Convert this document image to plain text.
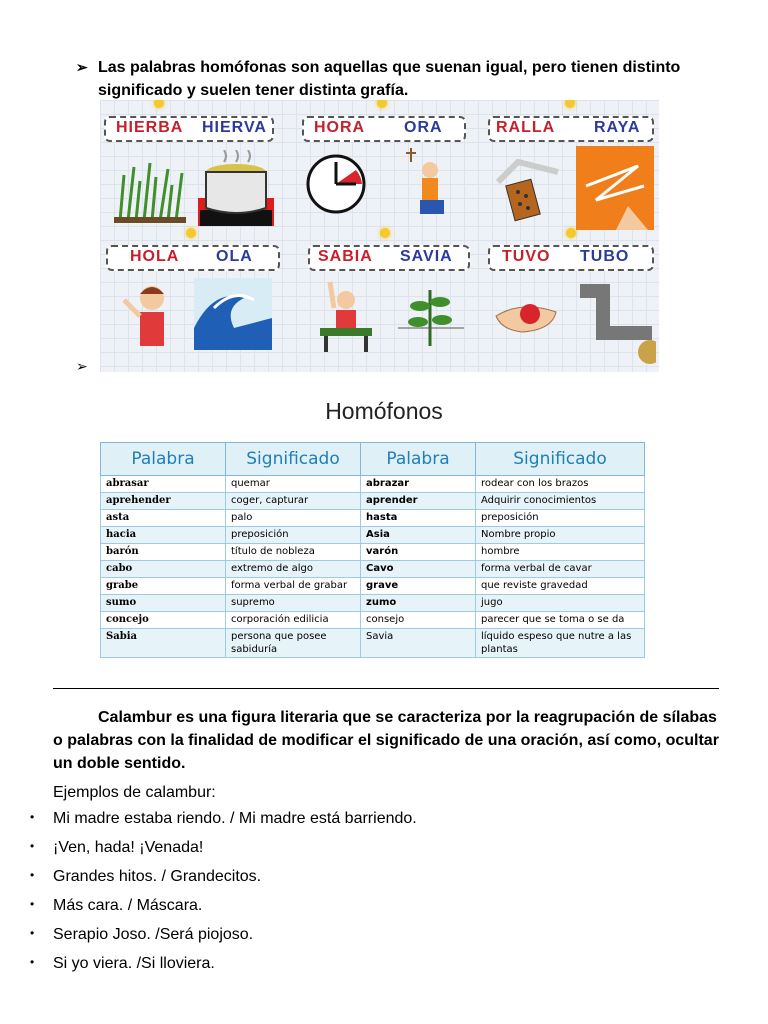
➢ Las palabras homófonas son aquellas que suenan igual, pero tienen distinto significado y suelen tener distinta grafía.
HIERBA HIERVA	HORA ORA	RALLA RAYA
HOLA OLA	SABIA SAVIA	TUVO TUBO
➢
Homófonos
Palabra	Significado	Palabra	Significado
abrasar	quemar	abrazar	rodear con los brazos
aprehender	coger, capturar	aprender	Adquirir conocimientos
asta	palo	hasta	preposición
hacia	preposición	Asia	Nombre propio
barón	título de nobleza	varón	hombre
cabo	extremo de algo	Cavo	forma verbal de cavar
grabe	forma verbal de grabar	grave	que reviste gravedad
sumo	supremo	zumo	jugo
concejo	corporación edilicia	consejo	parecer que se toma o se da
Sabia	persona que posee sabiduría	Savia	líquido espeso que nutre a las plantas
Calambur es una figura literaria que se caracteriza por la reagrupación de sílabas o palabras con la finalidad de modificar el significado de una oración, así como, ocultar un doble sentido.
Ejemplos de calambur:
• Mi madre estaba riendo. / Mi madre está barriendo.
• ¡Ven, hada! ¡Venada!
• Grandes hitos. / Grandecitos.
• Más cara. / Máscara.
• Serapio Joso. /Será piojoso.
• Si yo viera. /Si lloviera.
